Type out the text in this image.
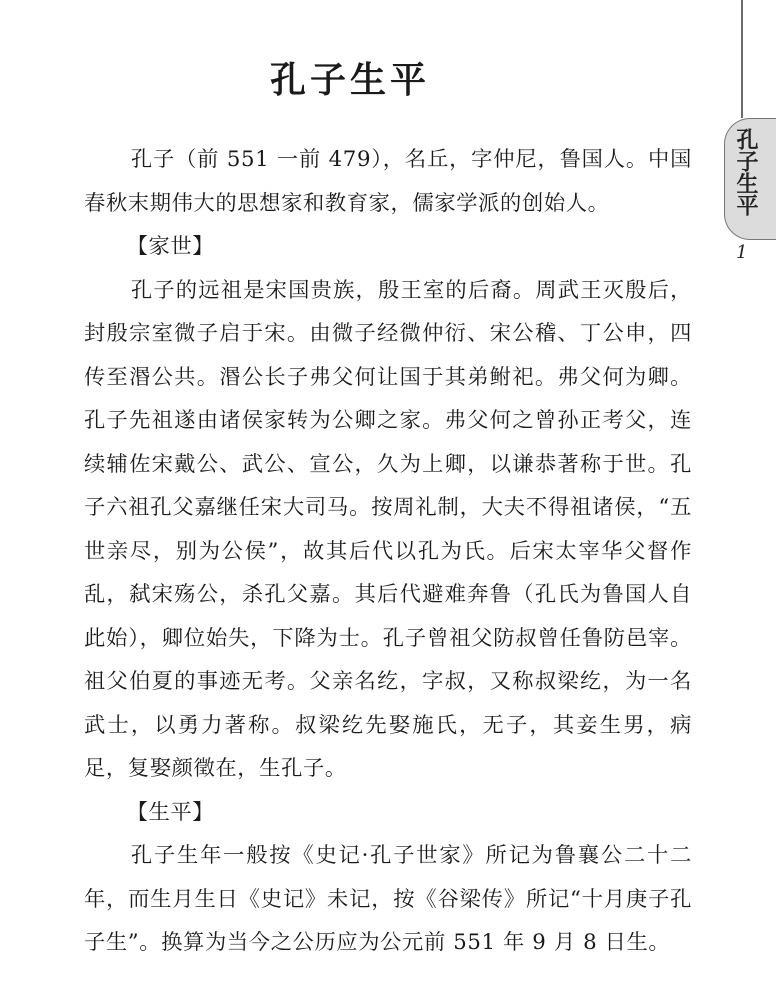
孔子生平

孔子（前 551 一前 479），名丘，字仲尼，鲁国人。中国春秋末期伟大的思想家和教育家，儒家学派的创始人。

【家世】

孔子的远祖是宋国贵族，殷王室的后裔。周武王灭殷后，封殷宗室微子启于宋。由微子经微仲衍、宋公稽、丁公申，四传至湣公共。湣公长子弗父何让国于其弟鲋祀。弗父何为卿。孔子先祖遂由诸侯家转为公卿之家。弗父何之曾孙正考父，连续辅佐宋戴公、武公、宣公，久为上卿，以谦恭著称于世。孔子六祖孔父嘉继任宋大司马。按周礼制，大夫不得祖诸侯，“五世亲尽，别为公侯”，故其后代以孔为氏。后宋太宰华父督作乱，弑宋殇公，杀孔父嘉。其后代避难奔鲁（孔氏为鲁国人自此始），卿位始失，下降为士。孔子曾祖父防叔曾任鲁防邑宰。祖父伯夏的事迹无考。父亲名纥，字叔，又称叔梁纥，为一名武士，以勇力著称。叔梁纥先娶施氏，无子，其妾生男，病足，复娶颜徵在，生孔子。

【生平】

孔子生年一般按《史记·孔子世家》所记为鲁襄公二十二年，而生月生日《史记》未记，按《谷梁传》所记“十月庚子孔子生”。换算为当今之公历应为公元前 551 年 9 月 8 日生。

孔子生平
1
